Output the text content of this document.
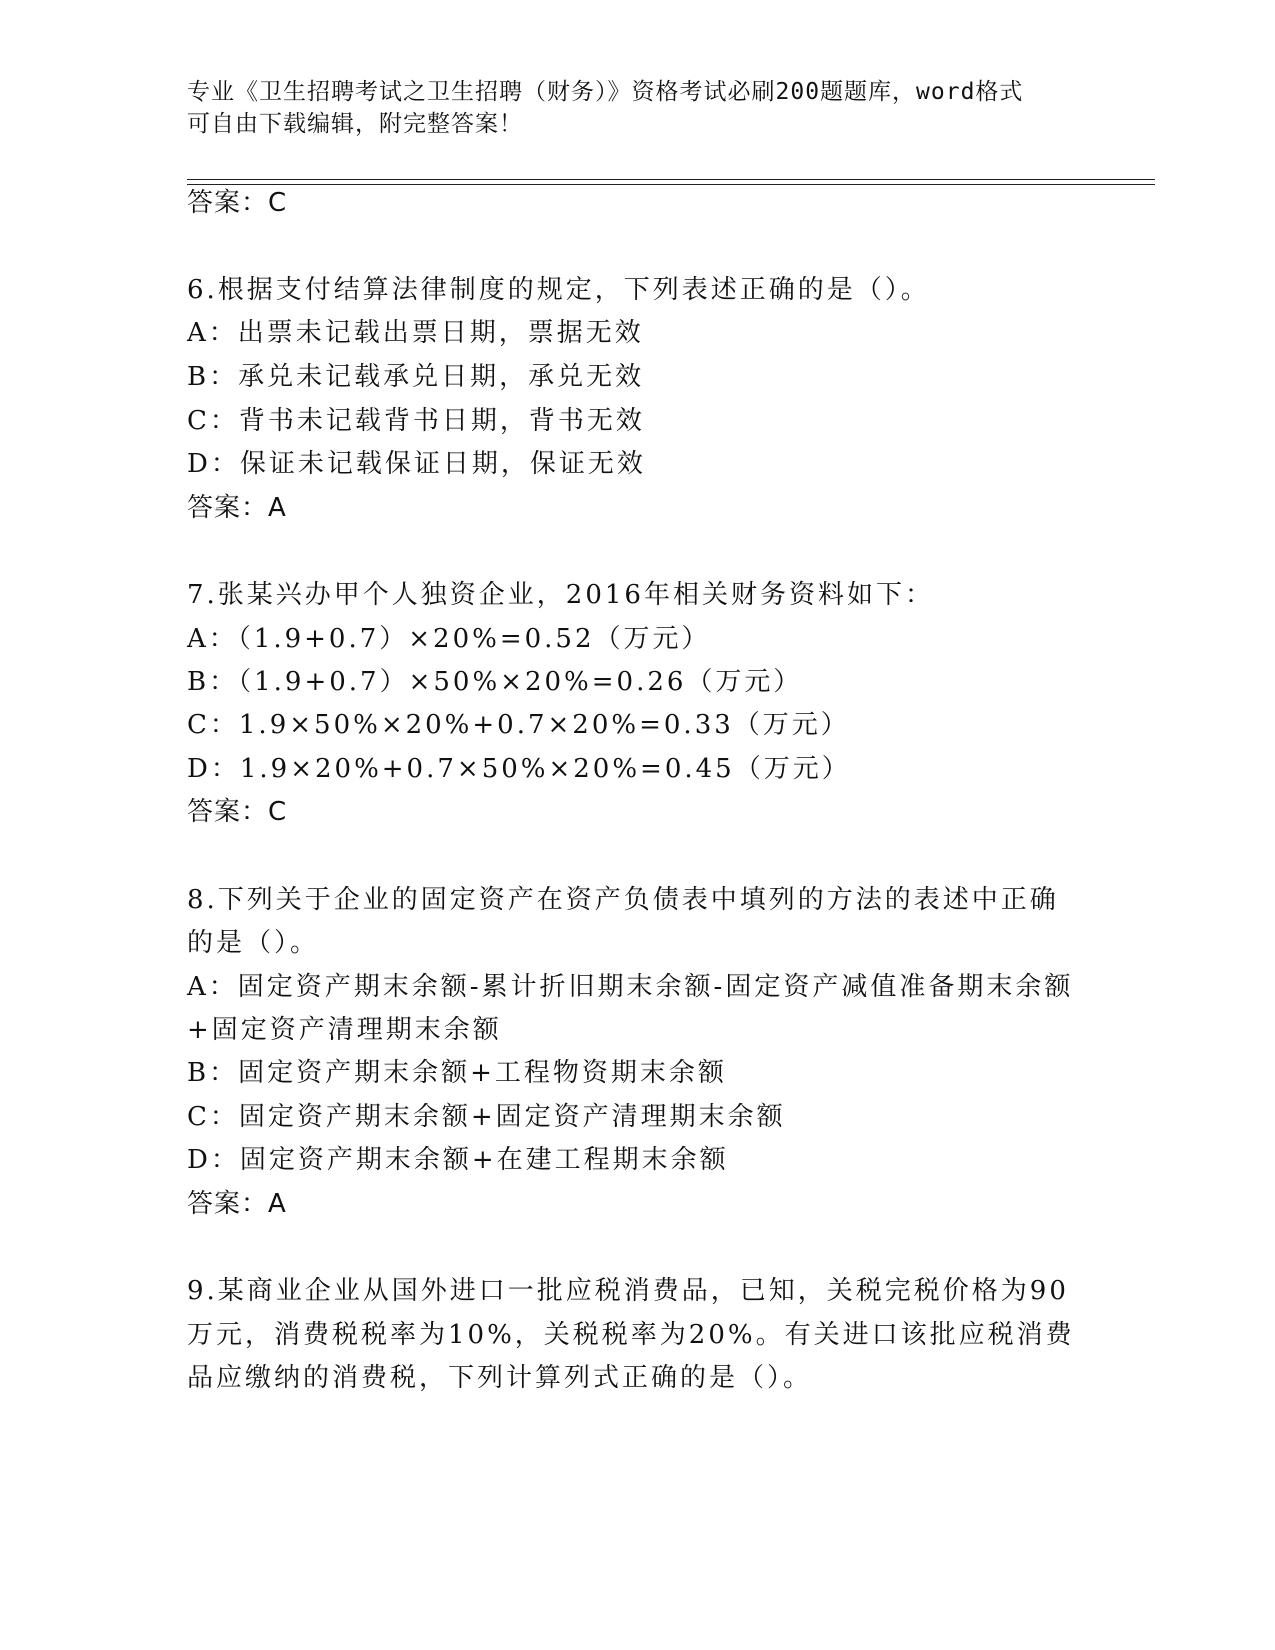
专业《卫生招聘考试之卫生招聘（财务）》资格考试必刷200题题库，word格式
可自由下载编辑，附完整答案！
答案：C
6.根据支付结算法律制度的规定，下列表述正确的是（）。
A：出票未记载出票日期，票据无效
B：承兑未记载承兑日期，承兑无效
C：背书未记载背书日期，背书无效
D：保证未记载保证日期，保证无效
答案：A
7.张某兴办甲个人独资企业，2016年相关财务资料如下：
A：（1.9+0.7）×20%=0.52（万元）
B：（1.9+0.7）×50%×20%=0.26（万元）
C：1.9×50%×20%+0.7×20%=0.33（万元）
D：1.9×20%+0.7×50%×20%=0.45（万元）
答案：C
8.下列关于企业的固定资产在资产负债表中填列的方法的表述中正确
的是（）。
A：固定资产期末余额-累计折旧期末余额-固定资产减值准备期末余额
+固定资产清理期末余额
B：固定资产期末余额+工程物资期末余额
C：固定资产期末余额+固定资产清理期末余额
D：固定资产期末余额+在建工程期末余额
答案：A
9.某商业企业从国外进口一批应税消费品，已知，关税完税价格为90
万元，消费税税率为10%，关税税率为20%。有关进口该批应税消费
品应缴纳的消费税，下列计算列式正确的是（）。
